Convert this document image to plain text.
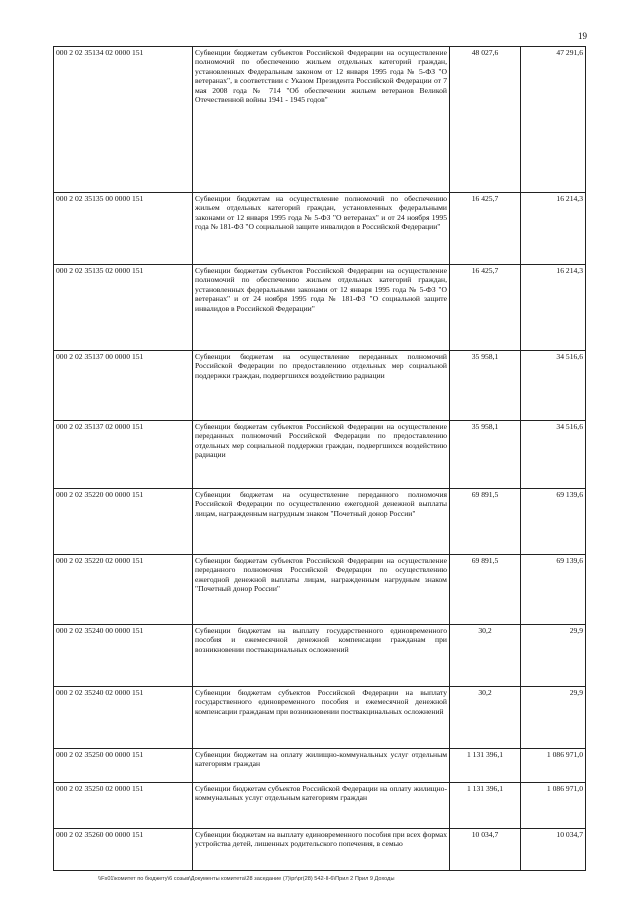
19
000 2 02 35134 02 0000 151	Субвенции бюджетам субъектов Российской Федерации на осуществление полномочий по обеспечению жильем отдельных категорий граждан, установленных Федеральным законом от 12 января 1995 года № 5-ФЗ "О ветеранах", в соответствии с Указом Президента Российской Федерации от 7 мая 2008 года № 714 "Об обеспечении жильем ветеранов Великой Отечественной войны 1941 - 1945 годов"	48 027,6	47 291,6
000 2 02 35135 00 0000 151	Субвенции бюджетам на осуществление полномочий по обеспечению жильем отдельных категорий граждан, установленных федеральными законами от 12 января 1995 года № 5-ФЗ "О ветеранах" и от 24 ноября 1995 года № 181-ФЗ "О социальной защите инвалидов в Российской Федерации"	16 425,7	16 214,3
000 2 02 35135 02 0000 151	Субвенции бюджетам субъектов Российской Федерации на осуществление полномочий по обеспечению жильем отдельных категорий граждан, установленных федеральными законами от 12 января 1995 года № 5-ФЗ "О ветеранах" и от 24 ноября 1995 года № 181-ФЗ "О социальной защите инвалидов в Российской Федерации"	16 425,7	16 214,3
000 2 02 35137 00 0000 151	Субвенции бюджетам на осуществление переданных полномочий Российской Федерации по предоставлению отдельных мер социальной поддержки граждан, подвергшихся воздействию радиации	35 958,1	34 516,6
000 2 02 35137 02 0000 151	Субвенции бюджетам субъектов Российской Федерации на осуществление переданных полномочий Российской Федерации по предоставлению отдельных мер социальной поддержки граждан, подвергшихся воздействию радиации	35 958,1	34 516,6
000 2 02 35220 00 0000 151	Субвенции бюджетам на осуществление переданного полномочия Российской Федерации по осуществлению ежегодной денежной выплаты лицам, награжденным нагрудным знаком "Почетный донор России"	69 891,5	69 139,6
000 2 02 35220 02 0000 151	Субвенции бюджетам субъектов Российской Федерации на осуществление переданного полномочия Российской Федерации по осуществлению ежегодной денежной выплаты лицам, награжденным нагрудным знаком "Почетный донор России"	69 891,5	69 139,6
000 2 02 35240 00 0000 151	Субвенции бюджетам на выплату государственного единовременного пособия и ежемесячной денежной компенсации гражданам при возникновении поствакцинальных осложнений	30,2	29,9
000 2 02 35240 02 0000 151	Субвенции бюджетам субъектов Российской Федерации на выплату государственного единовременного пособия и ежемесячной денежной компенсации гражданам при возникновении поствакцинальных осложнений	30,2	29,9
000 2 02 35250 00 0000 151	Субвенции бюджетам на оплату жилищно-коммунальных услуг отдельным категориям граждан	1 131 396,1	1 086 971,0
000 2 02 35250 02 0000 151	Субвенции бюджетам субъектов Российской Федерации на оплату жилищно-коммунальных услуг отдельным категориям граждан	1 131 396,1	1 086 971,0
000 2 02 35260 00 0000 151	Субвенции бюджетам на выплату единовременного пособия при всех формах устройства детей, лишенных родительского попечения, в семью	10 034,7	10 034,7
\\Fs01\комитет по бюджету\6 созыв\Документы комитета\28 заседание (7)\pr\pr(28) 542-II-6\Прил 2 Прил 9 Доходы
